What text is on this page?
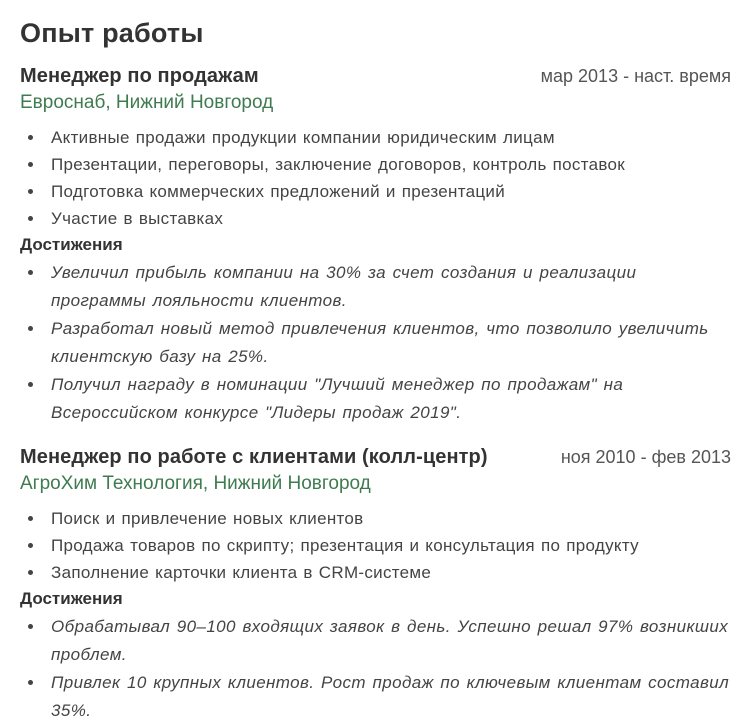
Опыт работы
Менеджер по продажам	мар 2013 - наст. время
Евроснаб, Нижний Новгород
• Активные продажи продукции компании юридическим лицам
• Презентации, переговоры, заключение договоров, контроль поставок
• Подготовка коммерческих предложений и презентаций
• Участие в выставках
Достижения
• Увеличил прибыль компании на 30% за счет создания и реализации программы лояльности клиентов.
• Разработал новый метод привлечения клиентов, что позволило увеличить клиентскую базу на 25%.
• Получил награду в номинации "Лучший менеджер по продажам" на Всероссийском конкурсе "Лидеры продаж 2019".
Менеджер по работе с клиентами (колл-центр)	ноя 2010 - фев 2013
АгроХим Технология, Нижний Новгород
• Поиск и привлечение новых клиентов
• Продажа товаров по скрипту; презентация и консультация по продукту
• Заполнение карточки клиента в CRM-системе
Достижения
• Обрабатывал 90–100 входящих заявок в день. Успешно решал 97% возникших проблем.
• Привлек 10 крупных клиентов. Рост продаж по ключевым клиентам составил 35%.
